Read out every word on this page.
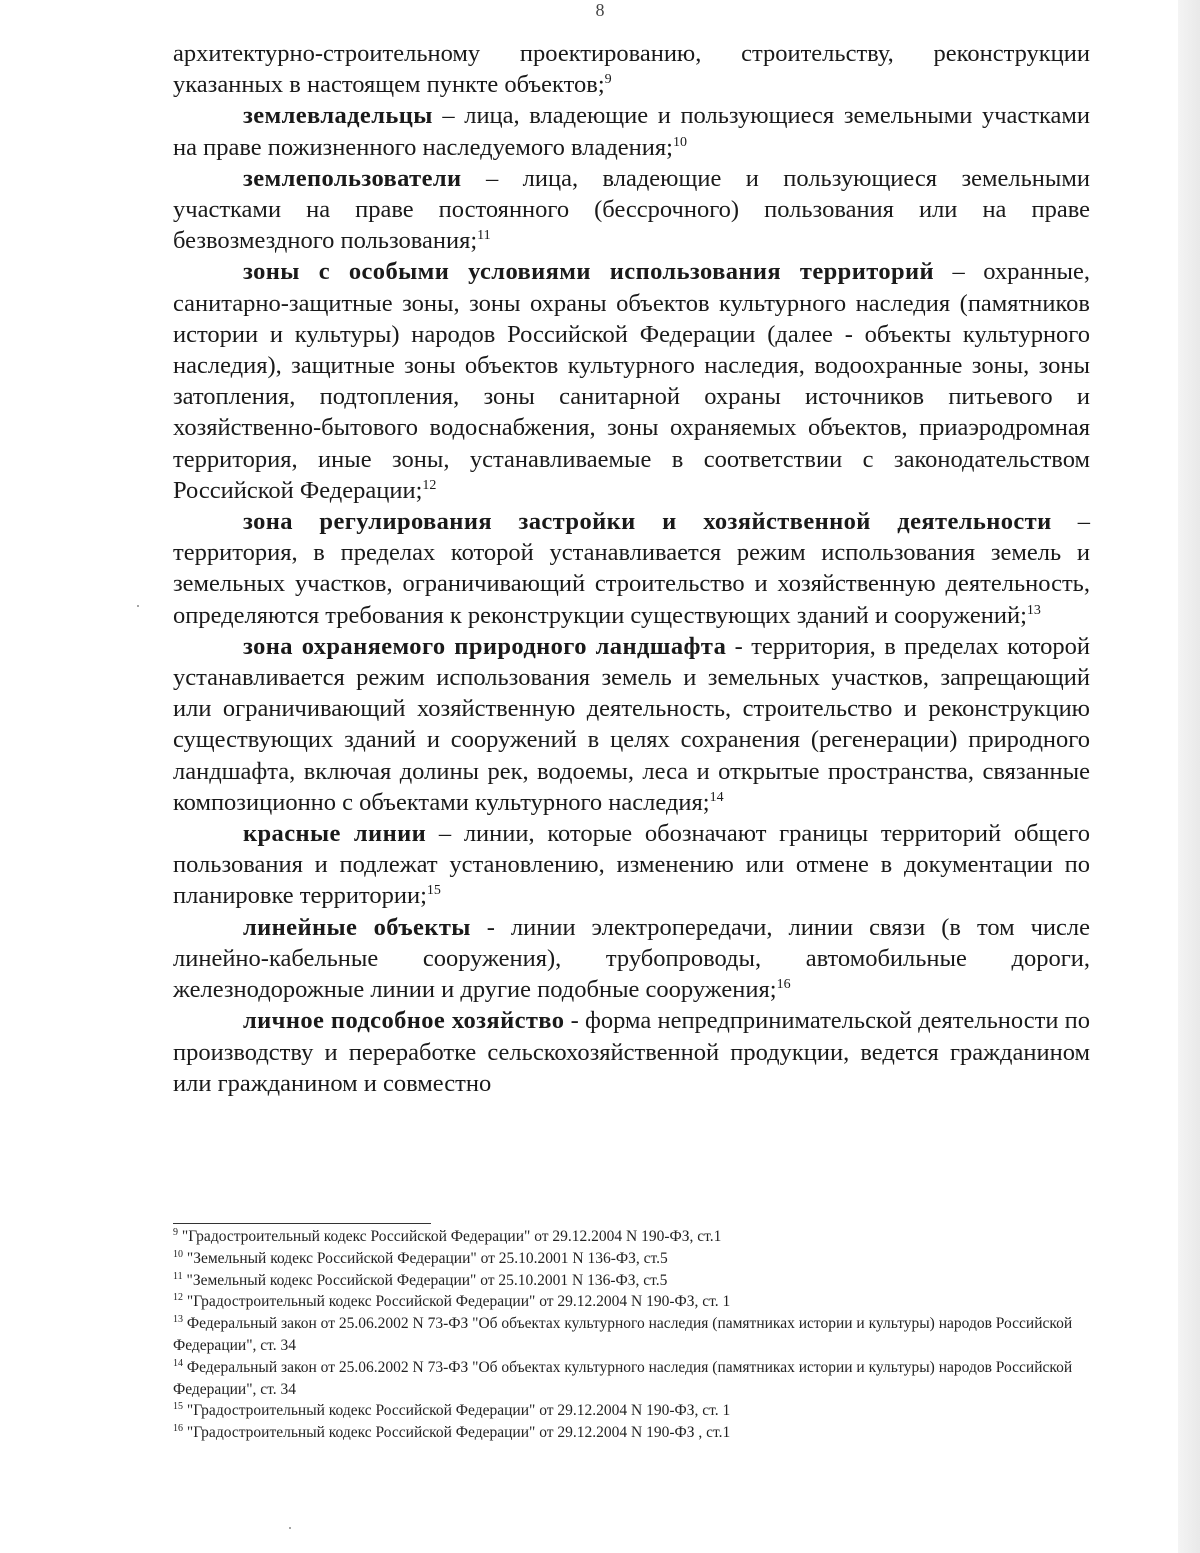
8

архитектурно-строительному проектированию, строительству, реконструкции указанных в настоящем пункте объектов;$^9$

землевладельцы – лица, владеющие и пользующиеся земельными участками на праве пожизненного наследуемого владения;$^{10}$

землепользователи – лица, владеющие и пользующиеся земельными участками на праве постоянного (бессрочного) пользования или на праве безвозмездного пользования;$^{11}$

зоны с особыми условиями использования территорий – охранные, санитарно-защитные зоны, зоны охраны объектов культурного наследия (памятников истории и культуры) народов Российской Федерации (далее - объекты культурного наследия), защитные зоны объектов культурного наследия, водоохранные зоны, зоны затопления, подтопления, зоны санитарной охраны источников питьевого и хозяйственно-бытового водоснабжения, зоны охраняемых объектов, приаэродромная территория, иные зоны, устанавливаемые в соответствии с законодательством Российской Федерации;$^{12}$

зона регулирования застройки и хозяйственной деятельности – территория, в пределах которой устанавливается режим использования земель и земельных участков, ограничивающий строительство и хозяйственную деятельность, определяются требования к реконструкции существующих зданий и сооружений;$^{13}$

зона охраняемого природного ландшафта - территория, в пределах которой устанавливается режим использования земель и земельных участков, запрещающий или ограничивающий хозяйственную деятельность, строительство и реконструкцию существующих зданий и сооружений в целях сохранения (регенерации) природного ландшафта, включая долины рек, водоемы, леса и открытые пространства, связанные композиционно с объектами культурного наследия;$^{14}$

красные линии – линии, которые обозначают границы территорий общего пользования и подлежат установлению, изменению или отмене в документации по планировке территории;$^{15}$

линейные объекты - линии электропередачи, линии связи (в том числе линейно-кабельные сооружения), трубопроводы, автомобильные дороги, железнодорожные линии и другие подобные сооружения;$^{16}$

личное подсобное хозяйство - форма непредпринимательской деятельности по производству и переработке сельскохозяйственной продукции, ведется гражданином или гражданином и совместно

$^9$ "Градостроительный кодекс Российской Федерации" от 29.12.2004 N 190-ФЗ, ст.1

$^{10}$ "Земельный кодекс Российской Федерации" от 25.10.2001 N 136-ФЗ, ст.5

$^{11}$ "Земельный кодекс Российской Федерации" от 25.10.2001 N 136-ФЗ, ст.5

$^{12}$ "Градостроительный кодекс Российской Федерации" от 29.12.2004 N 190-ФЗ, ст. 1

$^{13}$ Федеральный закон от 25.06.2002 N 73-ФЗ "Об объектах культурного наследия (памятниках истории и культуры) народов Российской Федерации", ст. 34

$^{14}$ Федеральный закон от 25.06.2002 N 73-ФЗ "Об объектах культурного наследия (памятниках истории и культуры) народов Российской Федерации", ст. 34

$^{15}$ "Градостроительный кодекс Российской Федерации" от 29.12.2004 N 190-ФЗ, ст. 1

$^{16}$ "Градостроительный кодекс Российской Федерации" от 29.12.2004 N 190-ФЗ , ст.1
